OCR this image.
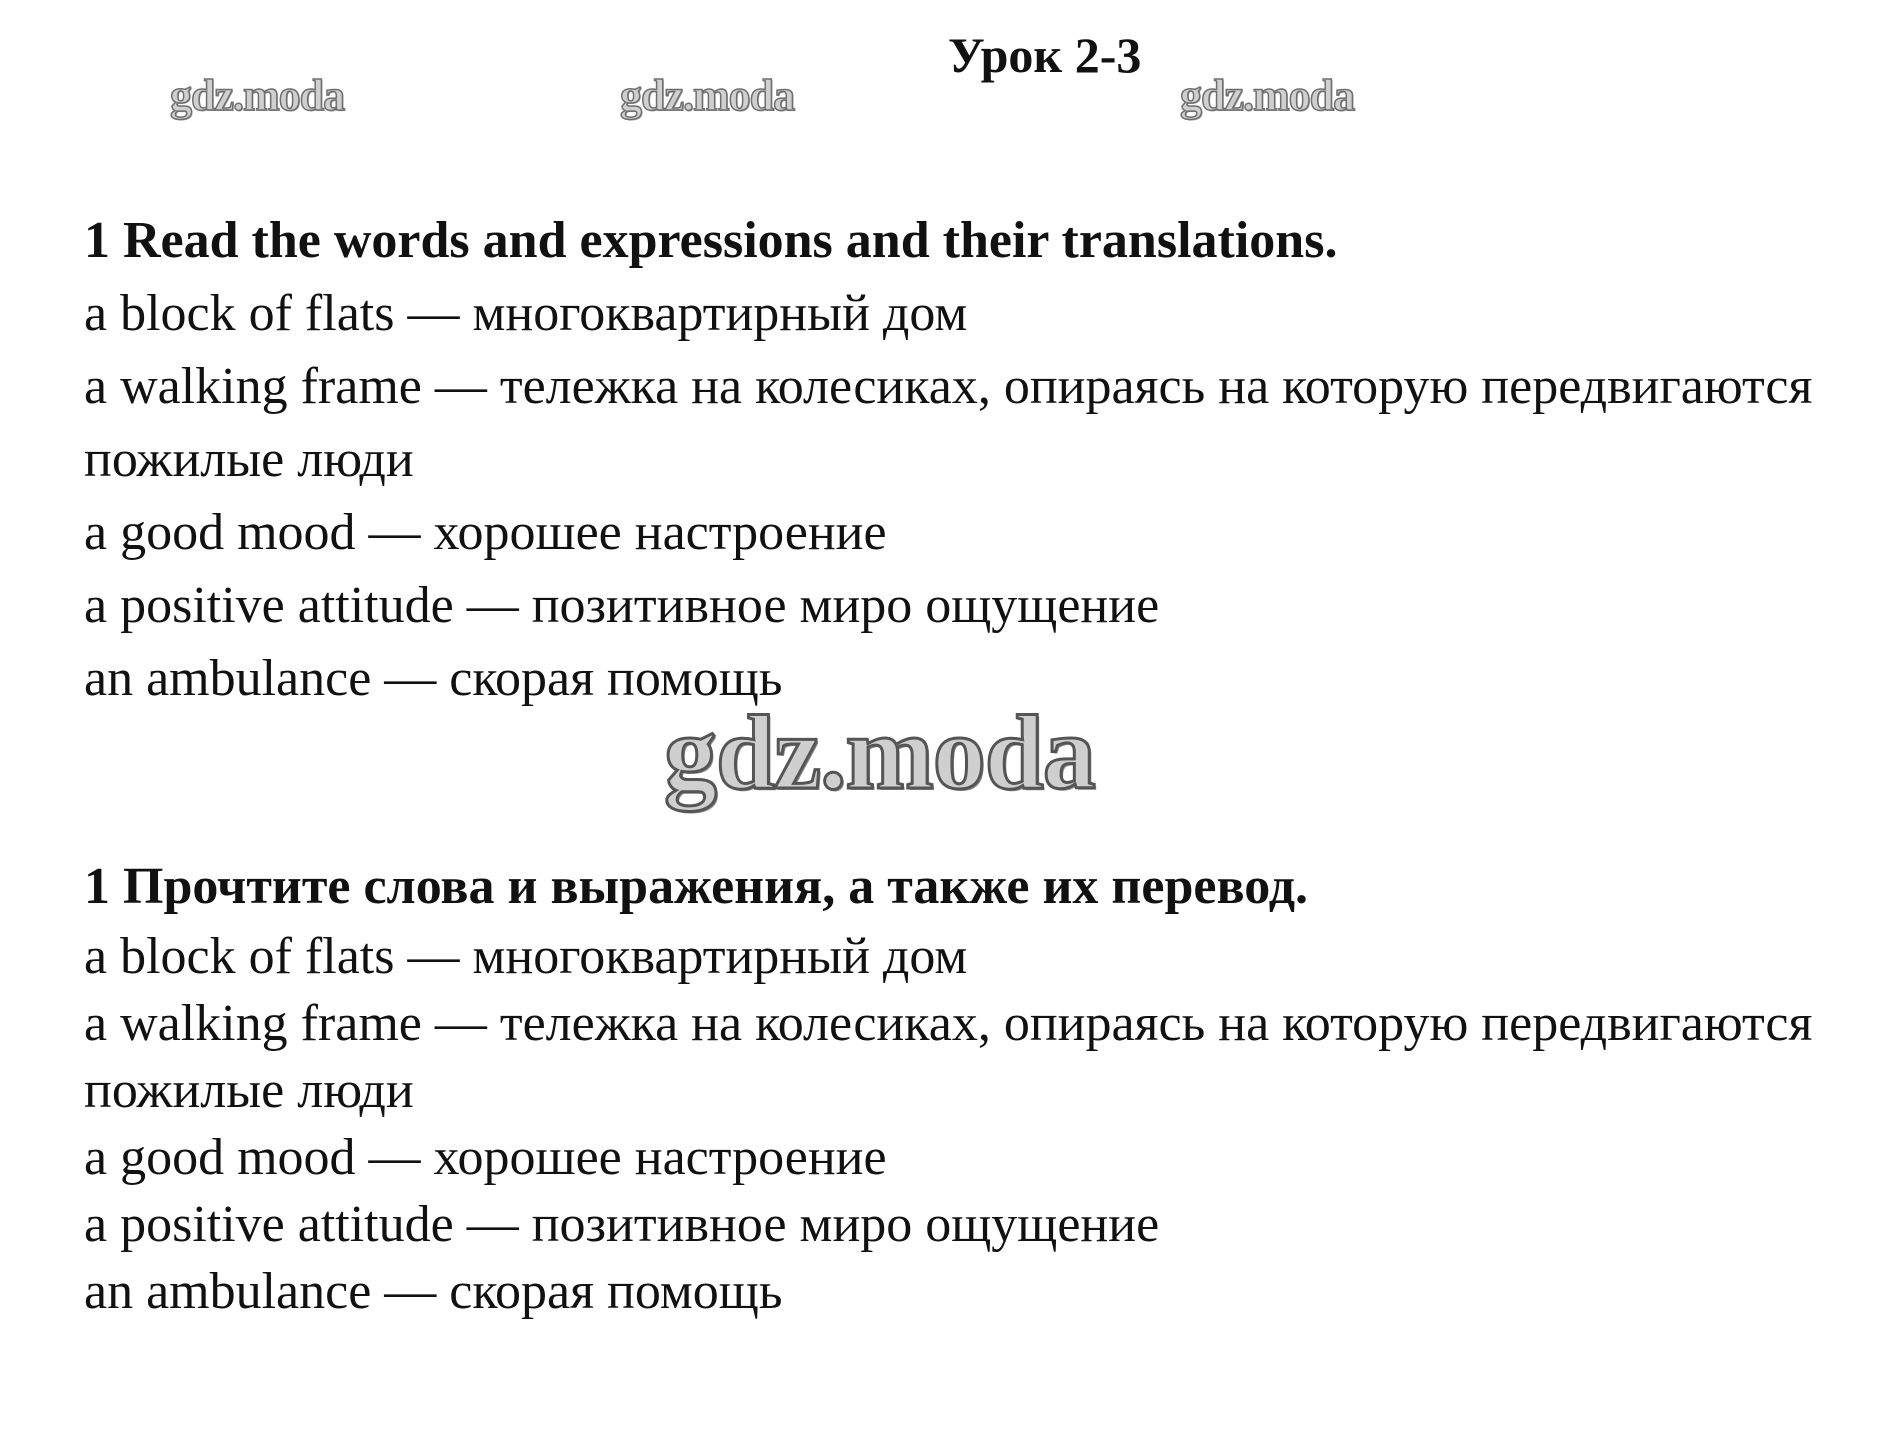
gdz.moda	gdz.moda	gdz.moda
Урок 2-3

1 Read the words and expressions and their translations.

a block of flats — многоквартирный дом

a walking frame — тележка на колесиках, опираясь на которую передвигаются пожилые люди

a good mood — хорошее настроение

a positive attitude — позитивное миро ощущение

an ambulance — скорая помощь

gdz.moda

1 Прочтите слова и выражения, а также их перевод.

a block of flats — многоквартирный дом

a walking frame — тележка на колесиках, опираясь на которую передвигаются пожилые люди

a good mood — хорошее настроение

a positive attitude — позитивное миро ощущение

an ambulance — скорая помощь
